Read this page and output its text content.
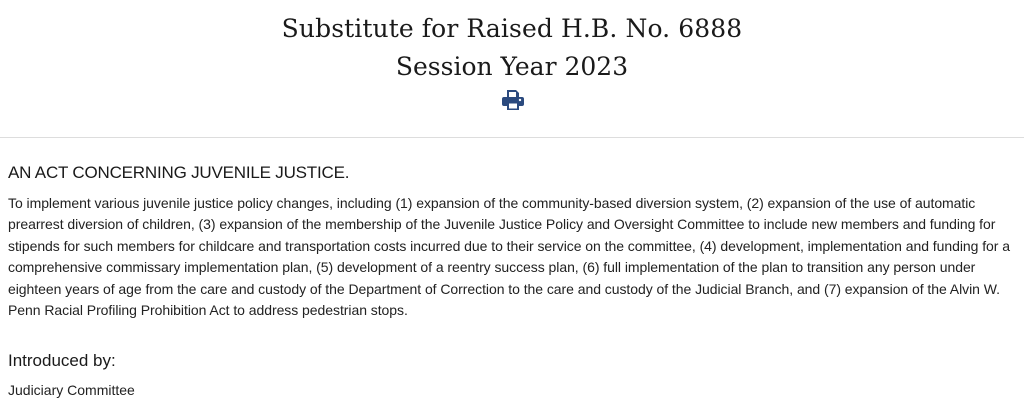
Substitute for Raised H.B. No. 6888
Session Year 2023
AN ACT CONCERNING JUVENILE JUSTICE.
To implement various juvenile justice policy changes, including (1) expansion of the community-based diversion system, (2) expansion of the use of automatic prearrest diversion of children, (3) expansion of the membership of the Juvenile Justice Policy and Oversight Committee to include new members and funding for stipends for such members for childcare and transportation costs incurred due to their service on the committee, (4) development, implementation and funding for a comprehensive commissary implementation plan, (5) development of a reentry success plan, (6) full implementation of the plan to transition any person under eighteen years of age from the care and custody of the Department of Correction to the care and custody of the Judicial Branch, and (7) expansion of the Alvin W. Penn Racial Profiling Prohibition Act to address pedestrian stops.
Introduced by:
Judiciary Committee
